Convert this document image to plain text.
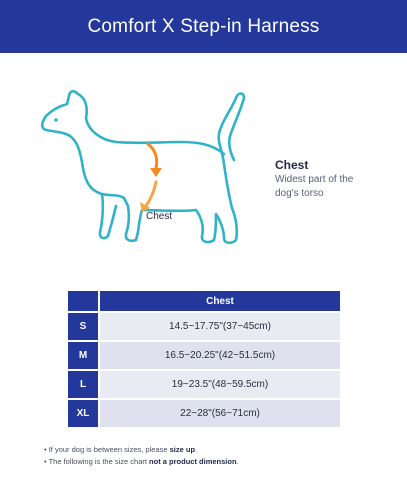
Comfort X Step-in Harness
Chest
Chest
Widest part of the
dog's torso
	Chest
S	14.5~17.75"(37~45cm)
M	16.5~20.25"(42~51.5cm)
L	19~23.5"(48~59.5cm)
XL	22~28"(56~71cm)
• If your dog is between sizes, please size up.
• The following is the size chart not a product dimension.
